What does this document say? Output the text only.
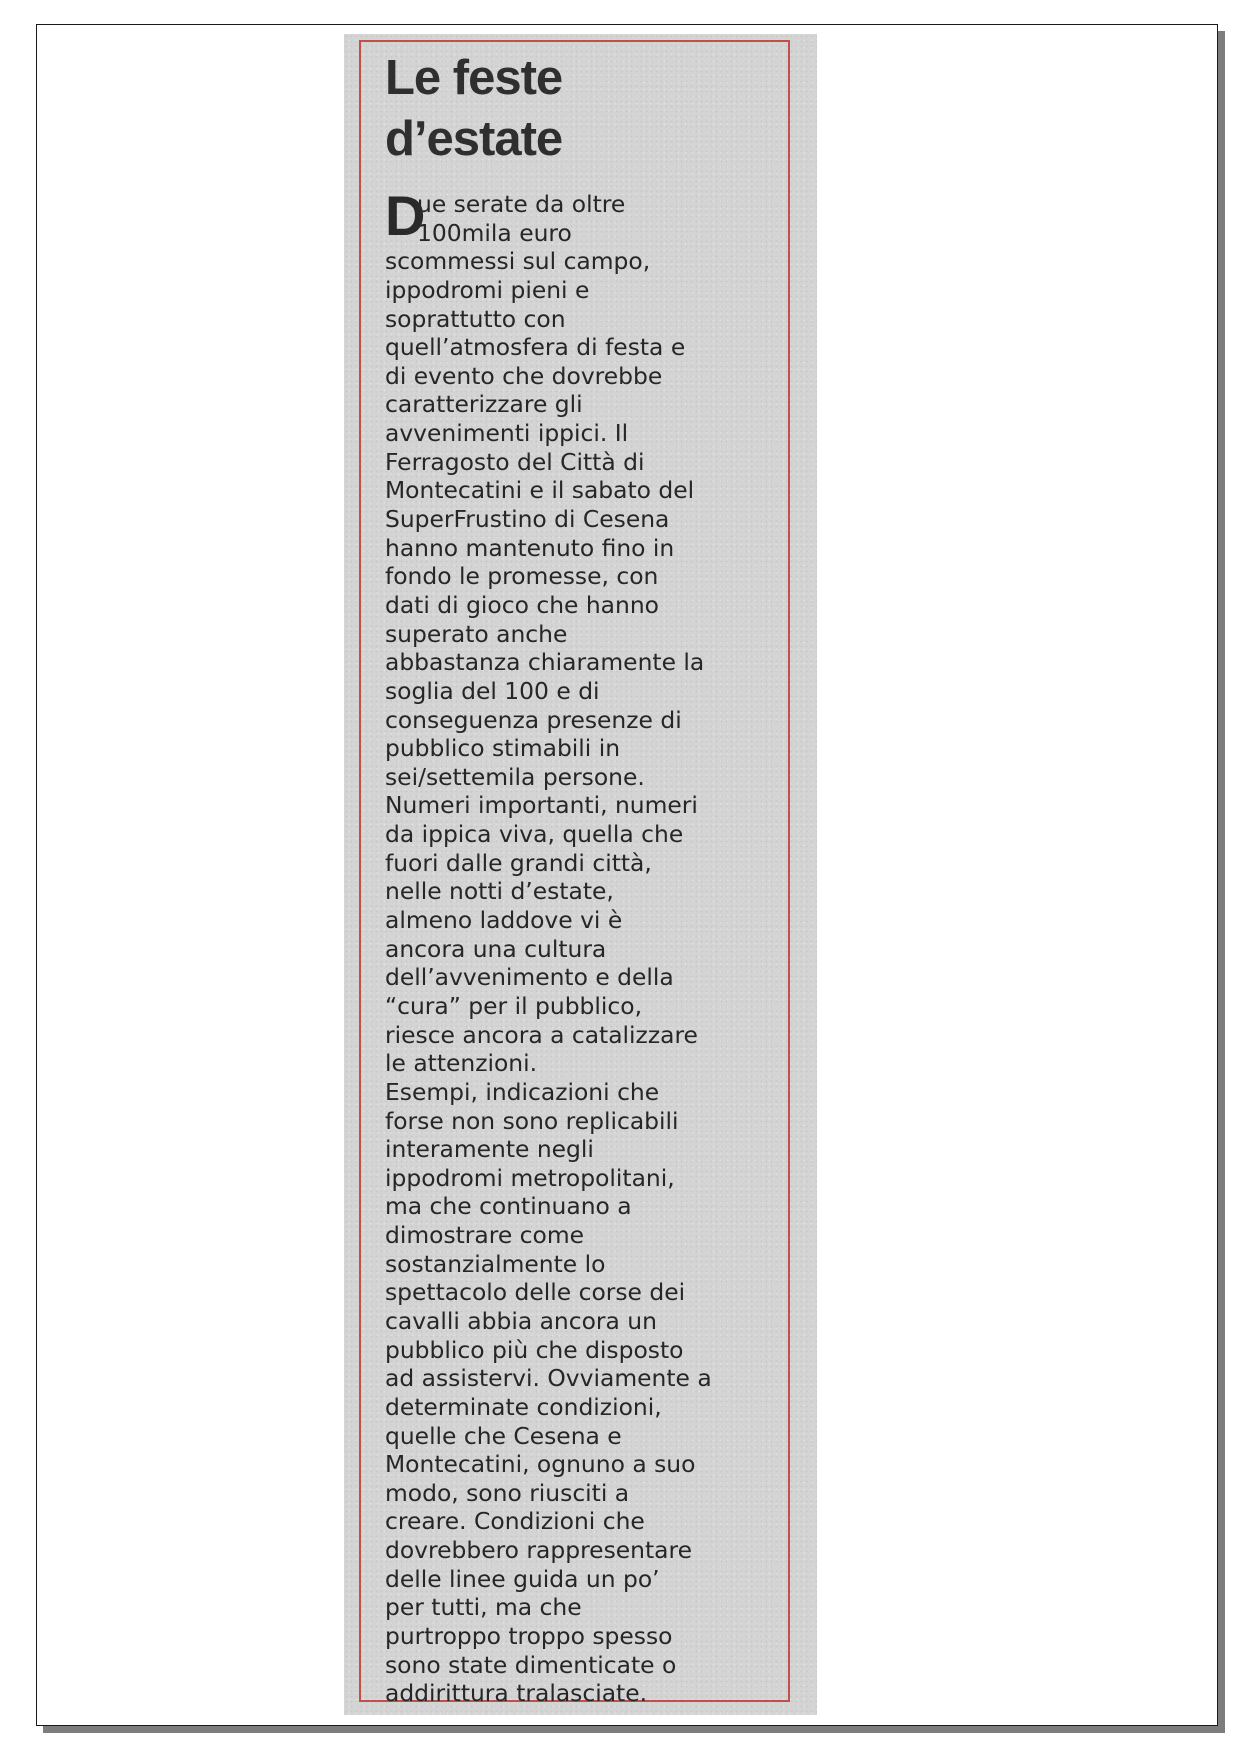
Le feste
d’estate
D
ue serate da oltre
100mila euro
scommessi sul campo,
ippodromi pieni e
soprattutto con
quell’atmosfera di festa e
di evento che dovrebbe
caratterizzare gli
avvenimenti ippici. Il
Ferragosto del Città di
Montecatini e il sabato del
SuperFrustino di Cesena
hanno mantenuto fino in
fondo le promesse, con
dati di gioco che hanno
superato anche
abbastanza chiaramente la
soglia del 100 e di
conseguenza presenze di
pubblico stimabili in
sei/settemila persone.
Numeri importanti, numeri
da ippica viva, quella che
fuori dalle grandi città,
nelle notti d’estate,
almeno laddove vi è
ancora una cultura
dell’avvenimento e della
“cura” per il pubblico,
riesce ancora a catalizzare
le attenzioni.
Esempi, indicazioni che
forse non sono replicabili
interamente negli
ippodromi metropolitani,
ma che continuano a
dimostrare come
sostanzialmente lo
spettacolo delle corse dei
cavalli abbia ancora un
pubblico più che disposto
ad assistervi. Ovviamente a
determinate condizioni,
quelle che Cesena e
Montecatini, ognuno a suo
modo, sono riusciti a
creare. Condizioni che
dovrebbero rappresentare
delle linee guida un po’
per tutti, ma che
purtroppo troppo spesso
sono state dimenticate o
addirittura tralasciate.
